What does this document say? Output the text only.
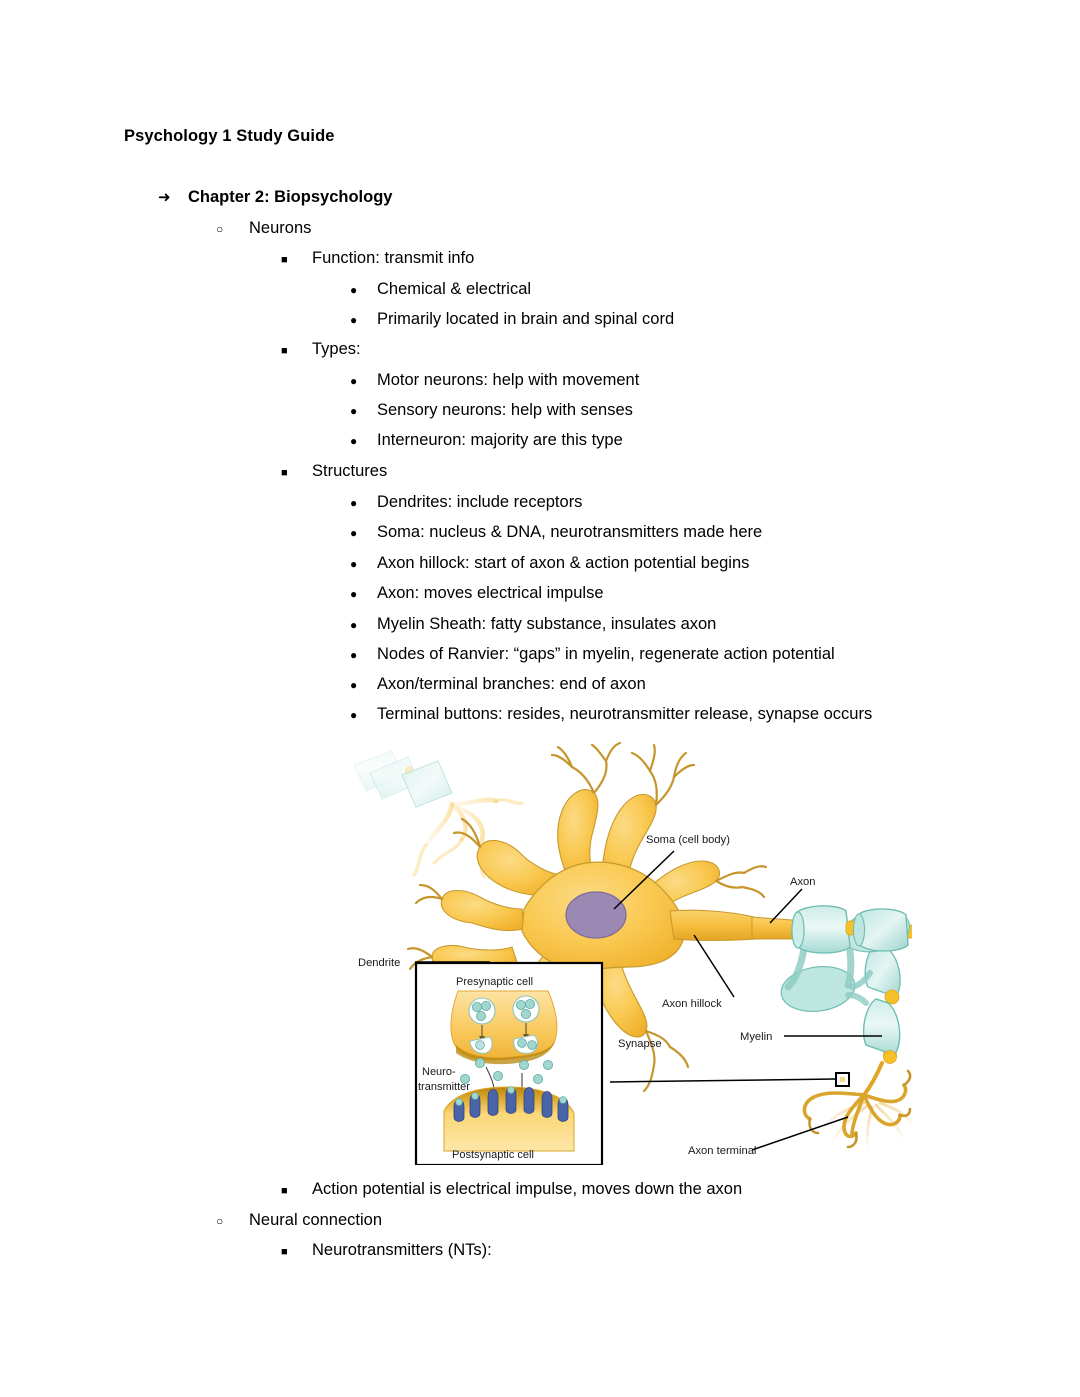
Psychology 1 Study Guide
➜	Chapter 2: Biopsychology
○	Neurons
■	Function: transmit info
●	Chemical & electrical
●	Primarily located in brain and spinal cord
■	Types:
●	Motor neurons: help with movement
●	Sensory neurons: help with senses
●	Interneuron: majority are this type
■	Structures
●	Dendrites: include receptors
●	Soma: nucleus & DNA, neurotransmitters made here
●	Axon hillock: start of axon & action potential begins
●	Axon: moves electrical impulse
●	Myelin Sheath: fatty substance, insulates axon
●	Nodes of Ranvier: “gaps” in myelin, regenerate action potential
●	Axon/terminal branches: end of axon
●	Terminal buttons: resides, neurotransmitter release, synapse occurs
Soma (cell body)
Axon
Dendrite
Axon hillock
Myelin
Synapse
Axon terminal
Presynaptic cell
Neuro-
transmitter
Postsynaptic cell
■	Action potential is electrical impulse, moves down the axon
○	Neural connection
■	Neurotransmitters (NTs):
